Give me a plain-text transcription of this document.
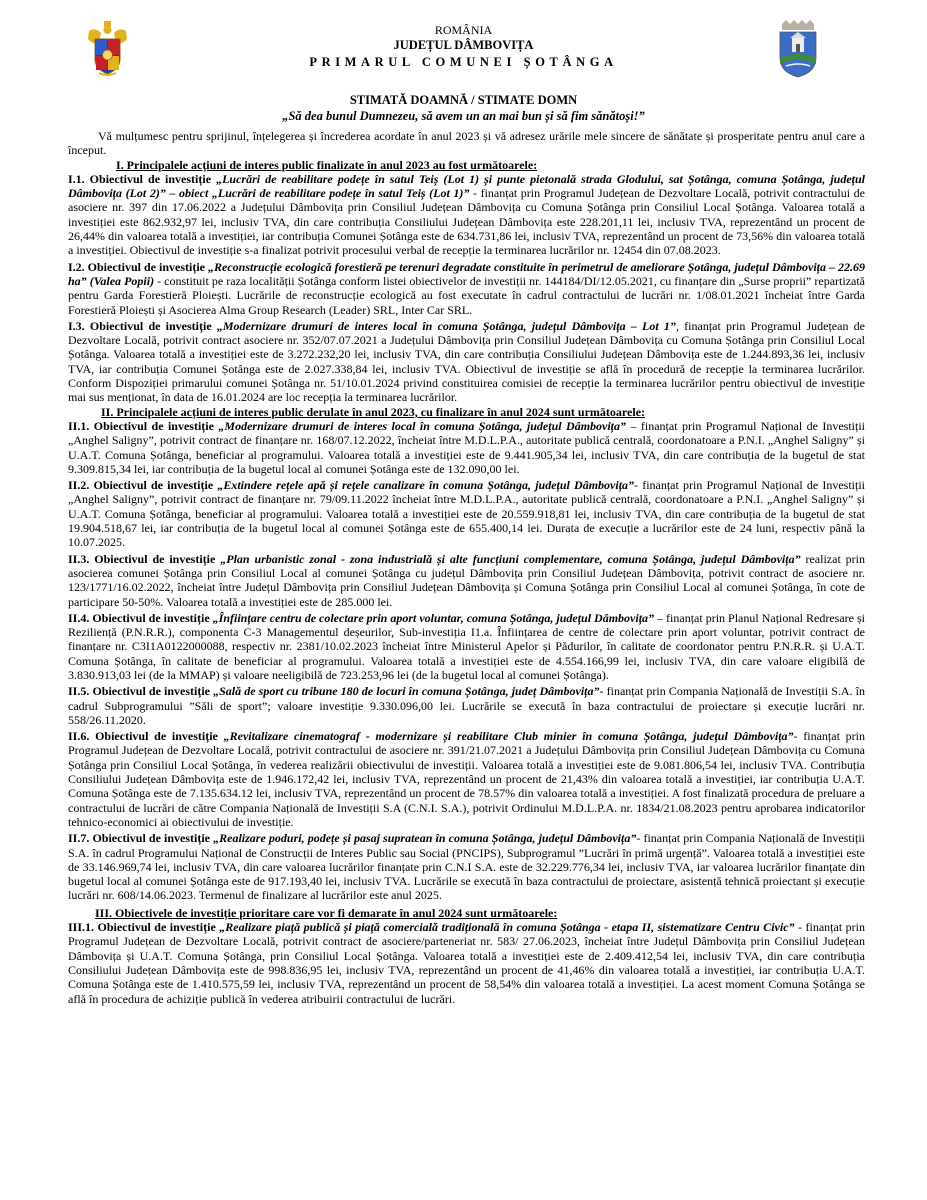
ROMÂNIA
JUDEȚUL DÂMBOVIȚA
PRIMARUL COMUNEI ȘOTÂNGA
STIMATĂ DOAMNĂ / STIMATE DOMN
„Să dea bunul Dumnezeu, să avem un an mai bun și să fim sănătoși!”

Vă mulțumesc pentru sprijinul, înțelegerea și încrederea acordate în anul 2023 și vă adresez urările mele sincere de sănătate și prosperitate pentru anul care a început.

I. Principalele acțiuni de interes public finalizate în anul 2023 au fost următoarele:

I.1. Obiectivul de investiție „Lucrări de reabilitare podețe în satul Teiș (Lot 1) și punte pietonală strada Glodului, sat Șotânga, comuna Șotânga, județul Dâmbovița (Lot 2)” – obiect „Lucrări de reabilitare podețe în satul Teiș (Lot 1)” - finanțat prin Programul Județean de Dezvoltare Locală, potrivit contractului de asociere nr. 397 din 17.06.2022 a Județului Dâmbovița prin Consiliul Județean Dâmbovița cu Comuna Șotânga prin Consiliul Local Șotânga. Valoarea totală a investiției este 862.932,97 lei, inclusiv TVA, din care contribuția Consiliului Județean Dâmbovița este 228.201,11 lei, inclusiv TVA, reprezentând un procent de 26,44% din valoarea totală a investiției, iar contribuția Comunei Șotânga este de 634.731,86 lei, inclusiv TVA, reprezentând un procent de 73,56% din valoarea totală a investiției. Obiectivul de investiție s-a finalizat potrivit procesului verbal de recepție la terminarea lucrărilor nr. 12454 din 07.08.2023.

I.2. Obiectivul de investiție „Reconstrucție ecologică forestieră pe terenuri degradate constituite în perimetrul de ameliorare Șotânga, județul Dâmbovița – 22.69 ha” (Valea Popii) - constituit pe raza localității Șotânga conform listei obiectivelor de investiții nr. 144184/DI/12.05.2021, cu finanțare din „Surse proprii” repartizată pentru Garda Forestieră Ploiești. Lucrările de reconstrucție ecologică au fost executate în cadrul contractului de lucrări nr. 1/08.01.2021 încheiat între Garda Forestieră Ploiești și Asocierea Alma Group Research (Leader) SRL, Inter Car SRL.

I.3. Obiectivul de investiție „Modernizare drumuri de interes local în comuna Șotânga, județul Dâmbovița – Lot 1”, finanțat prin Programul Județean de Dezvoltare Locală, potrivit contract asociere nr. 352/07.07.2021 a Județului Dâmbovița prin Consiliul Județean Dâmbovița cu Comuna Șotânga prin Consiliul Local Șotânga. Valoarea totală a investiției este de 3.272.232,20 lei, inclusiv TVA, din care contribuția Consiliului Județean Dâmbovița este de 1.244.893,36 lei, inclusiv TVA, iar contribuția Comunei Șotânga este de 2.027.338,84 lei, inclusiv TVA. Obiectivul de investiție se află în procedură de recepție la terminarea lucrărilor. Conform Dispoziției primarului comunei Șotânga nr. 51/10.01.2024 privind constituirea comisiei de recepție la terminarea lucrărilor pentru obiectivul de investiție mai sus menționat, în data de 16.01.2024 are loc recepția la terminarea lucrărilor.

II. Principalele acțiuni de interes public derulate în anul 2023, cu finalizare în anul 2024 sunt următoarele:

II.1. Obiectivul de investiție „Modernizare drumuri de interes local în comuna Șotânga, județul Dâmbovița” – finanțat prin Programul Național de Investiții „Anghel Saligny”, potrivit contract de finanțare nr. 168/07.12.2022, încheiat între M.D.L.P.A., autoritate publică centrală, coordonatoare a P.N.I. „Anghel Saligny” și U.A.T. Comuna Șotânga, beneficiar al programului. Valoarea totală a investiției este de 9.441.905,34 lei, inclusiv TVA, din care contribuția de la bugetul de stat 9.309.815,34 lei, iar contribuția de la bugetul local al comunei Șotânga este de 132.090,00 lei.

II.2. Obiectivul de investiție „Extindere rețele apă și rețele canalizare în comuna Șotânga, județul Dâmbovița”- finanțat prin Programul Național de Investiții „Anghel Saligny”, potrivit contract de finanțare nr. 79/09.11.2022 încheiat între M.D.L.P.A., autoritate publică centrală, coordonatoare a P.N.I. „Anghel Saligny” și U.A.T. Comuna Șotânga, beneficiar al programului. Valoarea totală a investiției este de 20.559.918,81 lei, inclusiv TVA, din care contribuția de la bugetul de stat 19.904.518,67 lei, iar contribuția de la bugetul local al comunei Șotânga este de 655.400,14 lei. Durata de execuție a lucrărilor este de 24 luni, respectiv până la 10.07.2025.

II.3. Obiectivul de investiție „Plan urbanistic zonal - zona industrială și alte funcțiuni complementare, comuna Șotânga, județul Dâmbovița” realizat prin asocierea comunei Șotânga prin Consiliul Local al comunei Șotânga cu județul Dâmbovița prin Consiliul Județean Dâmbovița, potrivit contract de asociere nr. 123/1771/16.02.2022, încheiat între Județul Dâmbovița prin Consiliul Județean Dâmbovița și Comuna Șotânga prin Consiliul Local al comunei Șotânga, în cote de participare 50-50%. Valoarea totală a investiției este de 285.000 lei.

II.4. Obiectivul de investiție „Înființare centru de colectare prin aport voluntar, comuna Șotânga, județul Dâmbovița” – finanțat prin Planul Național Redresare și Reziliență (P.N.R.R.), componenta C-3 Managementul deșeurilor, Sub-investiția I1.a. Înființarea de centre de colectare prin aport voluntar, potrivit contract de finanțare nr. C3I1A0122000088, respectiv nr. 2381/10.02.2023 încheiat între Ministerul Apelor și Pădurilor, în calitate de coordonator pentru P.N.R.R. și U.A.T. Comuna Șotânga, în calitate de beneficiar al programului. Valoarea totală a investiției este de 4.554.166,99 lei, inclusiv TVA, din care valoare eligibilă de 3.830.913,03 lei (de la MMAP) și valoare neeligibilă de 723.253,96 lei (de la bugetul local al comunei Șotânga).

II.5. Obiectivul de investiție „Sală de sport cu tribune 180 de locuri în comuna Șotânga, județ Dâmbovița”- finanțat prin Compania Națională de Investiții S.A. în cadrul Subprogramului ”Săli de sport”; valoare investiție 9.330.096,00 lei. Lucrările se execută în baza contractului de proiectare și execuție lucrări nr. 558/26.11.2020.

II.6. Obiectivul de investiție „Revitalizare cinematograf - modernizare și reabilitare Club minier în comuna Șotânga, județul Dâmbovița”- finanțat prin Programul Județean de Dezvoltare Locală, potrivit contractului de asociere nr. 391/21.07.2021 a Județului Dâmbovița prin Consiliul Județean Dâmbovița cu Comuna Șotânga prin Consiliul Local Șotânga, în vederea realizării obiectivului de investiții. Valoarea totală a investiției este de 9.081.806,54 lei, inclusiv TVA. Contribuția Consiliului Județean Dâmbovița este de 1.946.172,42 lei, inclusiv TVA, reprezentând un procent de 21,43% din valoarea totală a investiției, iar contribuția U.A.T. Comuna Șotânga este de 7.135.634.12 lei, inclusiv TVA, reprezentând un procent de 78.57% din valoarea totală a investiției. A fost finalizată procedura de preluare a contractului de lucrări de către Compania Națională de Investiții S.A (C.N.I. S.A.), potrivit Ordinului M.D.L.P.A. nr. 1834/21.08.2023 pentru aprobarea indicatorilor tehnico-economici ai obiectivului de investiție.

II.7. Obiectivul de investiție „Realizare poduri, podețe și pasaj supratean în comuna Șotânga, județul Dâmbovița”- finanțat prin Compania Națională de Investiții S.A. în cadrul Programului Național de Construcții de Interes Public sau Social (PNCIPS), Subprogramul ”Lucrări în primă urgență”. Valoarea totală a investiției este de 33.146.969,74 lei, inclusiv TVA, din care valoarea lucrărilor finanțate prin C.N.I S.A. este de 32.229.776,34 lei, inclusiv TVA, iar valoarea lucrărilor finanțate din bugetul local al comunei Șotânga este de 917.193,40 lei, inclusiv TVA. Lucrările se execută în baza contractului de proiectare, asistență tehnică proiectant și execuție lucrări nr. 608/14.06.2023. Termenul de finalizare al lucrărilor este anul 2025.

III. Obiectivele de investiție prioritare care vor fi demarate în anul 2024 sunt următoarele:

III.1. Obiectivul de investiție „Realizare piață publică și piață comercială tradițională în comuna Șotânga - etapa II, sistematizare Centru Civic” - finanțat prin Programul Județean de Dezvoltare Locală, potrivit contract de asociere/parteneriat nr. 583/ 27.06.2023, încheiat între Județul Dâmbovița prin Consiliul Județean Dâmbovița și U.A.T. Comuna Șotânga, prin Consiliul Local Șotânga. Valoarea totală a investiției este de 2.409.412,54 lei, inclusiv TVA, din care contribuția Consiliului Județean Dâmbovița este de 998.836,95 lei, inclusiv TVA, reprezentând un procent de 41,46% din valoarea totală a investiției, iar contribuția U.A.T. Comuna Șotânga este de 1.410.575,59 lei, inclusiv TVA, reprezentând un procent de 58,54% din valoarea totală a investiției. La acest moment Comuna Șotânga se află în procedura de achiziție publică în vederea atribuirii contractului de lucrări.
